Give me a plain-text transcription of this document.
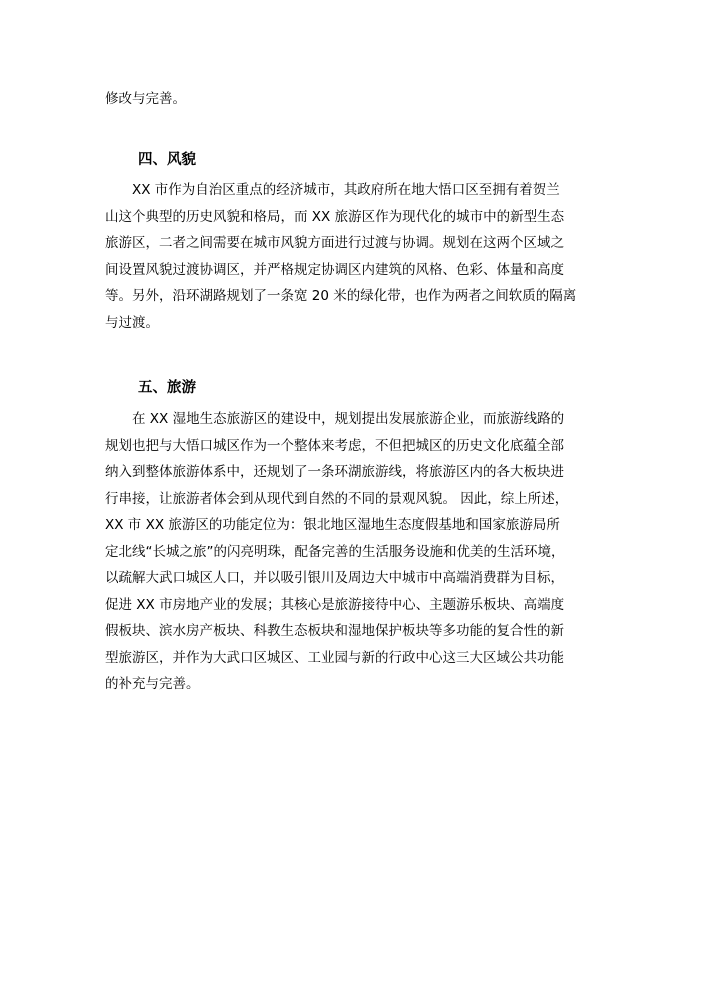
修改与完善。
四、风貌
XX 市作为自治区重点的经济城市，其政府所在地大悟口区至拥有着贺兰
山这个典型的历史风貌和格局，而 XX 旅游区作为现代化的城市中的新型生态
旅游区，二者之间需要在城市风貌方面进行过渡与协调。规划在这两个区域之
间设置风貌过渡协调区，并严格规定协调区内建筑的风格、色彩、体量和高度
等。另外，沿环湖路规划了一条宽 20 米的绿化带，也作为两者之间软质的隔离
与过渡。
五、旅游
在 XX 湿地生态旅游区的建设中，规划提出发展旅游企业，而旅游线路的
规划也把与大悟口城区作为一个整体来考虑，不但把城区的历史文化底蕴全部
纳入到整体旅游体系中，还规划了一条环湖旅游线，将旅游区内的各大板块进
行串接，让旅游者体会到从现代到自然的不同的景观风貌。 因此，综上所述，
XX 市 XX 旅游区的功能定位为：银北地区湿地生态度假基地和国家旅游局所
定北线“长城之旅”的闪亮明珠，配备完善的生活服务设施和优美的生活环境，
以疏解大武口城区人口，并以吸引银川及周边大中城市中高端消费群为目标，
促进 XX 市房地产业的发展；其核心是旅游接待中心、主题游乐板块、高端度
假板块、滨水房产板块、科教生态板块和湿地保护板块等多功能的复合性的新
型旅游区，并作为大武口区城区、工业园与新的行政中心这三大区域公共功能
的补充与完善。
